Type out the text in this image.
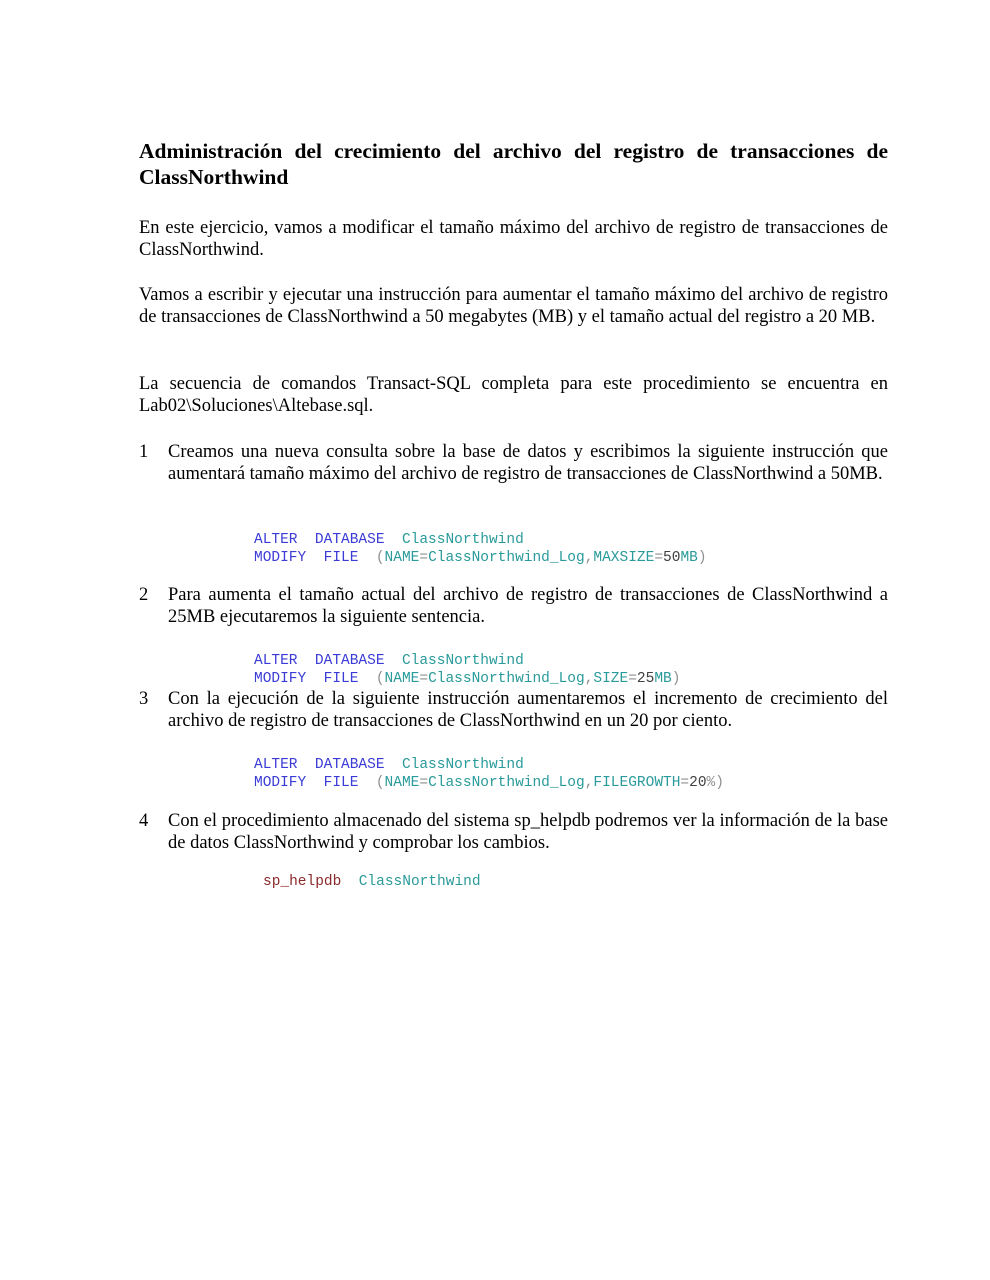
Administración del crecimiento del archivo del registro de transacciones de ClassNorthwind

En este ejercicio, vamos a modificar el tamaño máximo del archivo de registro de transacciones de ClassNorthwind.

Vamos a escribir y ejecutar una instrucción para aumentar el tamaño máximo del archivo de registro de transacciones de ClassNorthwind a 50 megabytes (MB) y el tamaño actual del registro a 20 MB.

La secuencia de comandos Transact-SQL completa para este procedimiento se encuentra en Lab02\Soluciones\Altebase.sql.

1	Creamos una nueva consulta sobre la base de datos y escribimos la siguiente instrucción que aumentará tamaño máximo del archivo de registro de transacciones de ClassNorthwind a 50MB.
ALTER DATABASE ClassNorthwind
MODIFY FILE (NAME=ClassNorthwind_Log,MAXSIZE=50MB)
2	Para aumenta el tamaño actual del archivo de registro de transacciones de ClassNorthwind a 25MB ejecutaremos la siguiente sentencia.
ALTER DATABASE ClassNorthwind
MODIFY FILE (NAME=ClassNorthwind_Log,SIZE=25MB)
3	Con la ejecución de la siguiente instrucción aumentaremos el incremento de crecimiento del archivo de registro de transacciones de ClassNorthwind en un 20 por ciento.
ALTER DATABASE ClassNorthwind
MODIFY FILE (NAME=ClassNorthwind_Log,FILEGROWTH=20%)
4	Con el procedimiento almacenado del sistema sp_helpdb podremos ver la información de la base de datos ClassNorthwind y comprobar los cambios.
sp_helpdb ClassNorthwind
